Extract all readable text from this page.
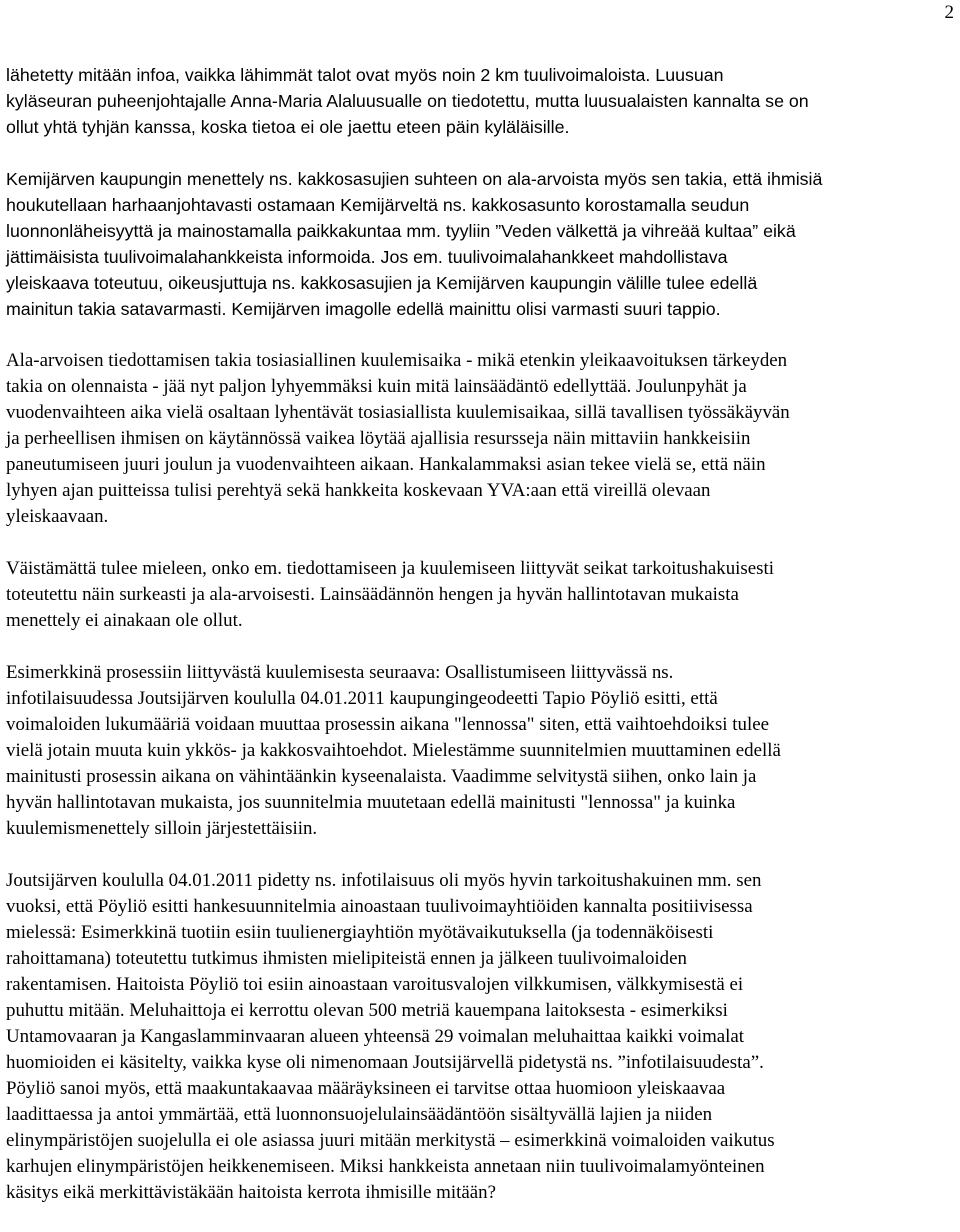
2

lähetetty mitään infoa, vaikka lähimmät talot ovat myös noin 2 km tuulivoimaloista. Luusuan
kyläseuran puheenjohtajalle Anna-Maria Alaluusualle on tiedotettu, mutta luusualaisten kannalta se on
ollut yhtä tyhjän kanssa, koska tietoa ei ole jaettu eteen päin kyläläisille.

Kemijärven kaupungin menettely ns. kakkosasujien suhteen on ala-arvoista myös sen takia, että ihmisiä
houkutellaan harhaanjohtavasti ostamaan Kemijärveltä ns. kakkosasunto korostamalla seudun
luonnonläheisyyttä ja mainostamalla paikkakuntaa mm. tyyliin ”Veden välkettä ja vihreää kultaa” eikä
jättimäisista tuulivoimalahankkeista informoida. Jos em. tuulivoimalahankkeet mahdollistava
yleiskaava toteutuu, oikeusjuttuja ns. kakkosasujien ja Kemijärven kaupungin välille tulee edellä
mainitun takia satavarmasti. Kemijärven imagolle edellä mainittu olisi varmasti suuri tappio.

Ala-arvoisen tiedottamisen takia tosiasiallinen kuulemisaika - mikä etenkin yleikaavoituksen tärkeyden
takia on olennaista - jää nyt paljon lyhyemmäksi kuin mitä lainsäädäntö edellyttää. Joulunpyhät ja
vuodenvaihteen aika vielä osaltaan lyhentävät tosiasiallista kuulemisaikaa, sillä tavallisen työssäkäyvän
ja perheellisen ihmisen on käytännössä vaikea löytää ajallisia resursseja näin mittaviin hankkeisiin
paneutumiseen juuri joulun ja vuodenvaihteen aikaan. Hankalammaksi asian tekee vielä se, että näin
lyhyen ajan puitteissa tulisi perehtyä sekä hankkeita koskevaan YVA:aan että vireillä olevaan
yleiskaavaan.

Väistämättä tulee mieleen, onko em. tiedottamiseen ja kuulemiseen liittyvät seikat tarkoitushakuisesti
toteutettu näin surkeasti ja ala-arvoisesti. Lainsäädännön hengen ja hyvän hallintotavan mukaista
menettely ei ainakaan ole ollut.

Esimerkkinä prosessiin liittyvästä kuulemisesta seuraava: Osallistumiseen liittyvässä ns.
infotilaisuudessa Joutsijärven koululla 04.01.2011 kaupungingeodeetti Tapio Pöyliö esitti, että
voimaloiden lukumääriä voidaan muuttaa prosessin aikana "lennossa" siten, että vaihtoehdoiksi tulee
vielä jotain muuta kuin ykkös- ja kakkosvaihtoehdot. Mielestämme suunnitelmien muuttaminen edellä
mainitusti prosessin aikana on vähintäänkin kyseenalaista. Vaadimme selvitystä siihen, onko lain ja
hyvän hallintotavan mukaista, jos suunnitelmia muutetaan edellä mainitusti "lennossa" ja kuinka
kuulemismenettely silloin järjestettäisiin.

Joutsijärven koululla 04.01.2011 pidetty ns. infotilaisuus oli myös hyvin tarkoitushakuinen mm. sen
vuoksi, että Pöyliö esitti hankesuunnitelmia ainoastaan tuulivoimayhtiöiden kannalta positiivisessa
mielessä: Esimerkkinä tuotiin esiin tuulienergiayhtiön myötävaikutuksella (ja todennäköisesti
rahoittamana) toteutettu tutkimus ihmisten mielipiteistä ennen ja jälkeen tuulivoimaloiden
rakentamisen. Haitoista Pöyliö toi esiin ainoastaan varoitusvalojen vilkkumisen, välkkymisestä ei
puhuttu mitään. Meluhaittoja ei kerrottu olevan 500 metriä kauempana laitoksesta - esimerkiksi
Untamovaaran ja Kangaslamminvaaran alueen yhteensä 29 voimalan meluhaittaa kaikki voimalat
huomioiden ei käsitelty, vaikka kyse oli nimenomaan Joutsijärvellä pidetystä ns. ”infotilaisuudesta”.
Pöyliö sanoi myös, että maakuntakaavaa määräyksineen ei tarvitse ottaa huomioon yleiskaavaa
laadittaessa ja antoi ymmärtää, että luonnonsuojelulainsäädäntöön sisältyvällä lajien ja niiden
elinympäristöjen suojelulla ei ole asiassa juuri mitään merkitystä – esimerkkinä voimaloiden vaikutus
karhujen elinympäristöjen heikkenemiseen. Miksi hankkeista annetaan niin tuulivoimalamyönteinen
käsitys eikä merkittävistäkään haitoista kerrota ihmisille mitään?
